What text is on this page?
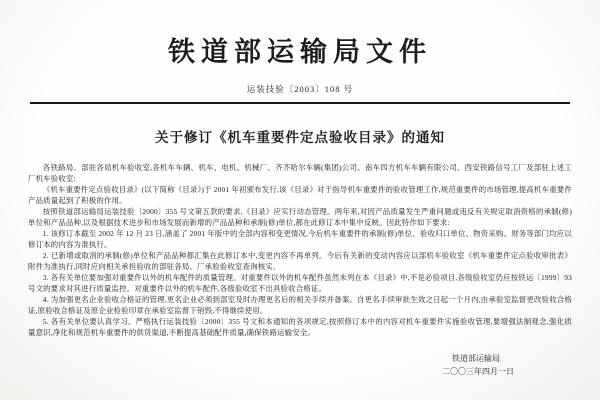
铁道部运输局文件
运装技验〔2003〕108 号
关于修订《机车重要件定点验收目录》的通知

各铁路局、部驻各局机车验收室,各机车车辆、机车、电机、机械厂、齐齐哈尔车辆(集团)公司、南车四方机车车辆有限公司、西安铁路信号工厂及部驻上述工厂机车验收室:

《机车重要件定点验收目录》(以下简称《目录》)于 2001 年初颁布发行,该《目录》对于指导机车重要件的验收管理工作,规范重要件的市场管理,提高机车重要件产品质量起到了积极的作用。

按照铁道部运输局运装技验〔2000〕355 号文第五款的要求,《目录》应实行动态管理。两年来,对因产品质量发生严重问题或违反有关规定取消资格的承制(修)单位和产品品种,以及根据技术进步和市场发展而新增的产品品种和承制(修)单位,都在此修订本中集中反映。因此特作如下要求:

1. 该修订本截至 2002 年 12 月 23 日,涵盖了 2001 年版中的全部内容和变更情况,今后机车重要件的承制(修)单位、验收归口单位、物资采购、财务等部门均应以修订本的内容为准执行。

2. 已新增或取消的承制(修)单位和产品品种都汇集在此修订本中,变更内容不再单列。今后有关新的变动内容应以部机车验收室《机车重要件定点验收审批表》附件为准执行,同时应向相关承担验收的部驻各局、厂承验验收室查询核实。

3. 各有关单位要加强对重要件以外的机车配件的质量管理。对重要件以外的机车配件虽然未列在本《目录》中,不是必验项目,各级验收室仍应按铁运〔1999〕93 号文的要求对其进行质量监控。对重要件以外的机车配件,各级验收室不出具验收合格证。

4. 为加强更名企业验收合格证的管理,更名企业必须到部室及时办理更名后的相关手续并备案。自更名手续审批生效之日起一个月内,由承验室监督更改验收合格证,原验收合格证及原企业检验印章在承验室监督下销毁,不得继续使用。

5. 各有关单位要认真学习、严格执行运装技验〔2000〕355 号文和本通知的各项规定,按照修订本中的内容对机车重要件实施验收管理,要增强法制观念,强化质量意识,净化和规范机车重要件的供货渠道,不断提高基础配件质量,确保铁路运输安全。

铁道部运输局
二〇〇三年四月一日
